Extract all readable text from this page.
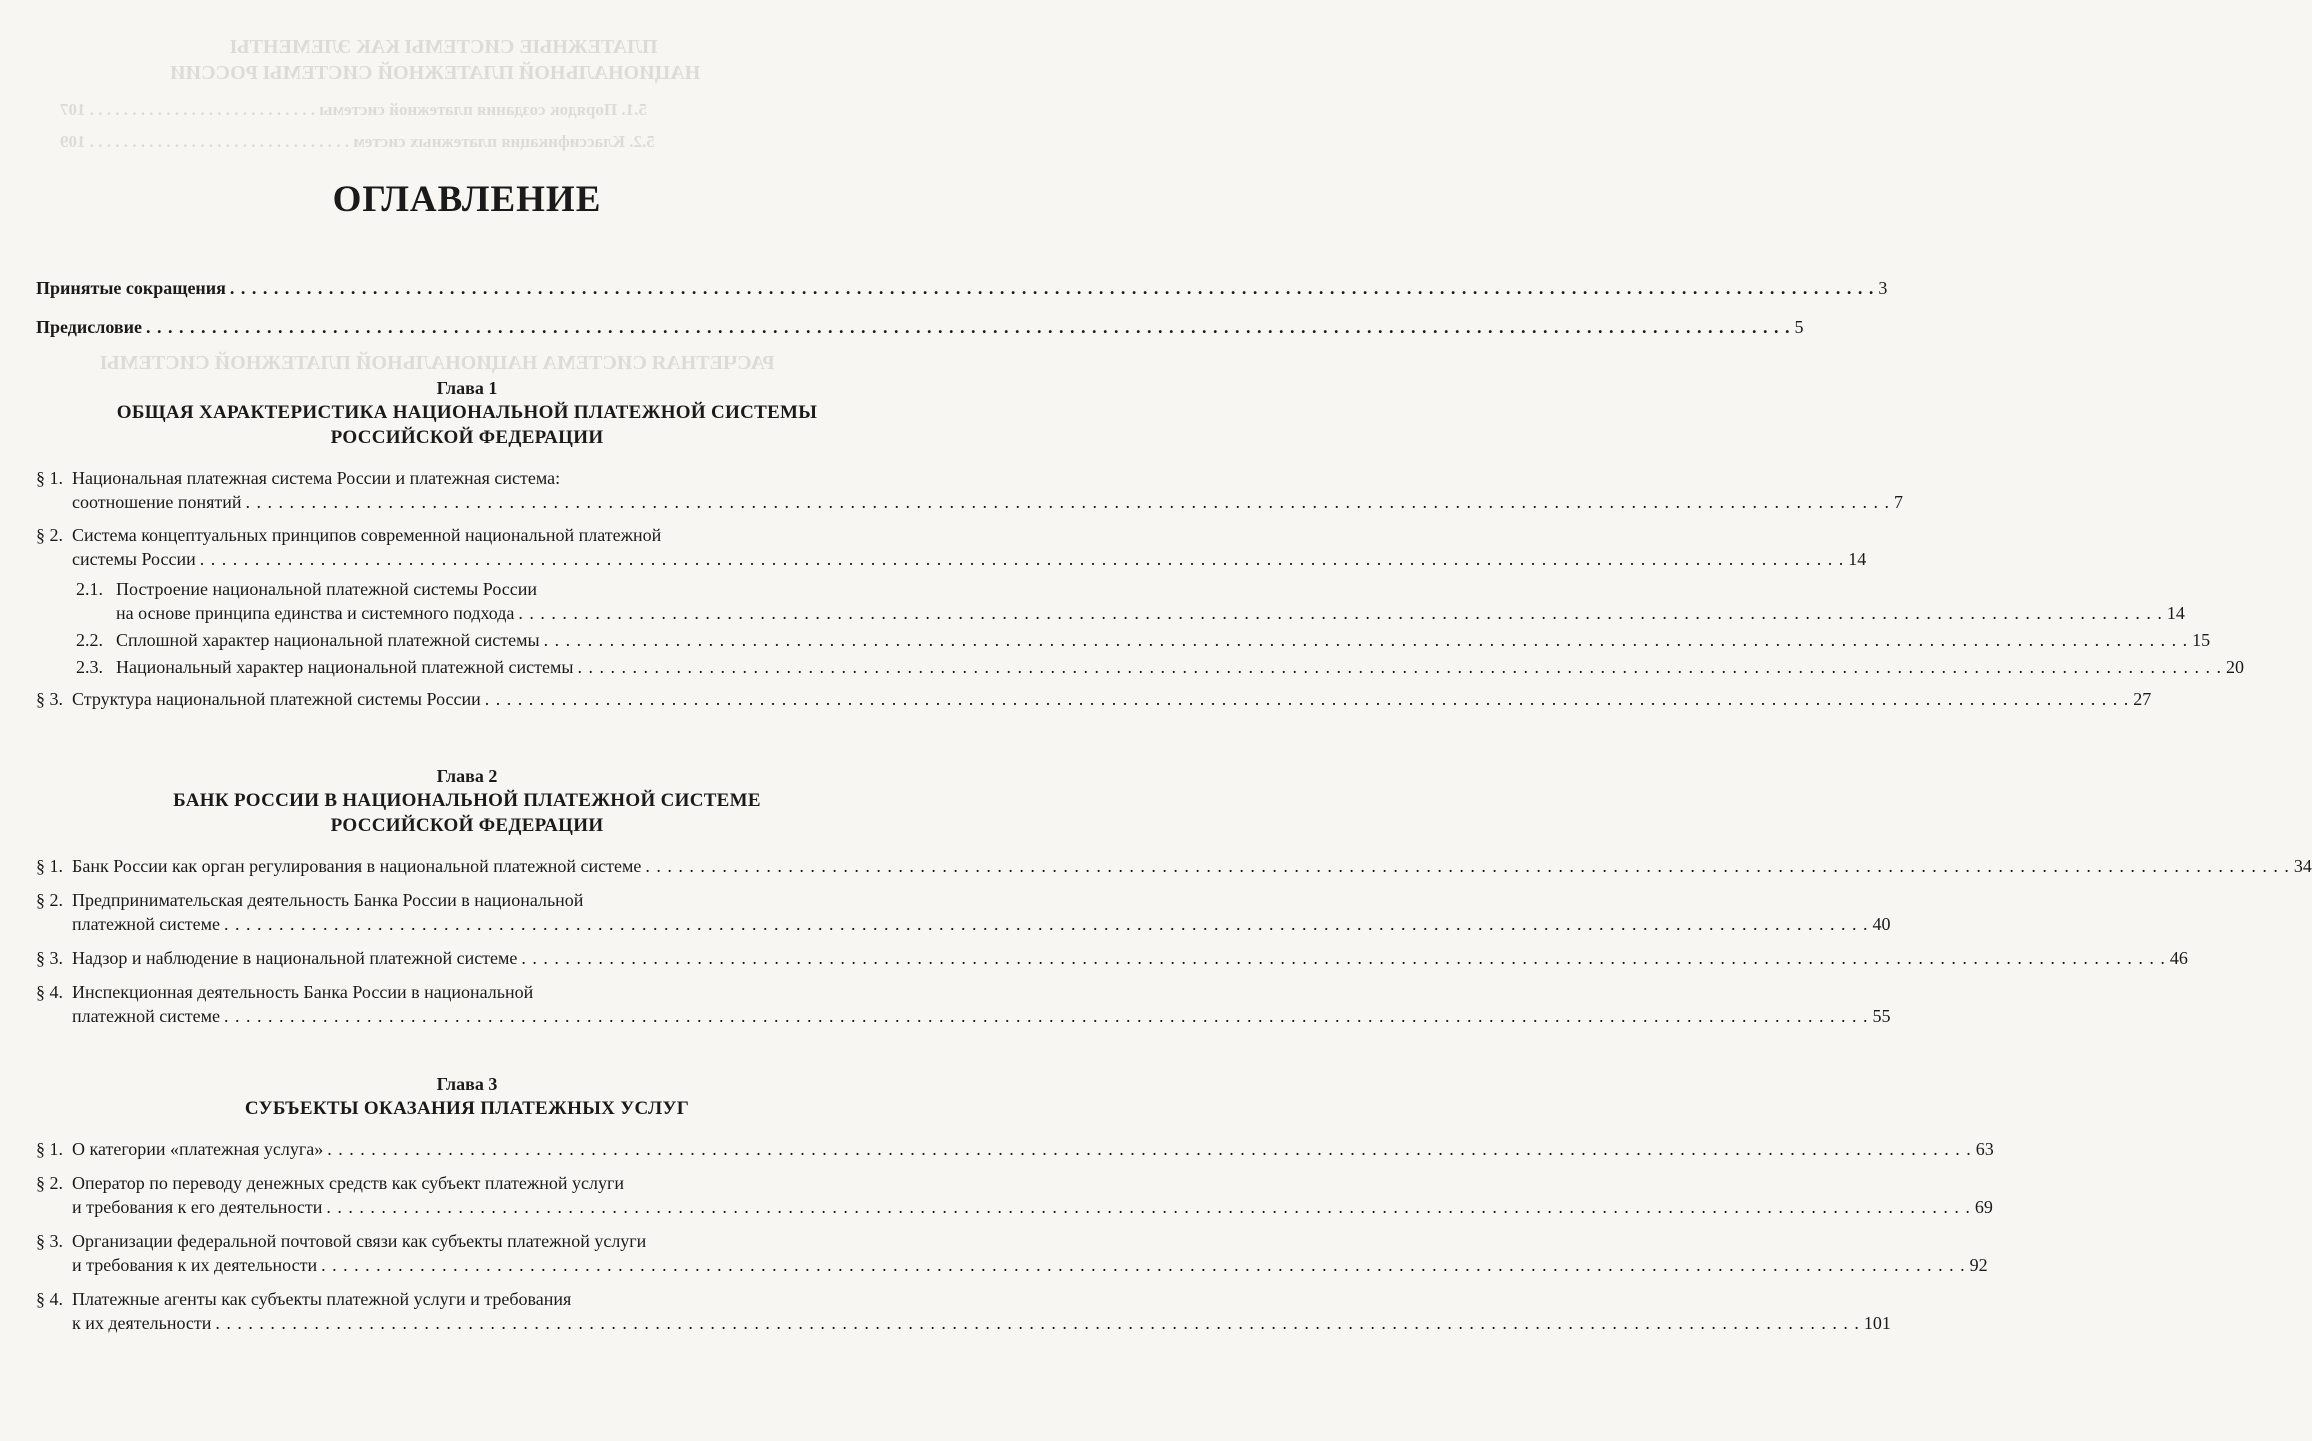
ПЛАТЕЖНЫЕ СИСТЕМЫ КАК ЭЛЕМЕНТЫ
НАЦИОНАЛЬНОЙ ПЛАТЕЖНОЙ СИСТЕМЫ РОССИИ
5.1. Порядок создания платежной системы . . . . . . . . . . . . . . . . . . . . . . . . . . . 107
5.2. Классификация платежных систем . . . . . . . . . . . . . . . . . . . . . . . . . . . . . . . 109
РАСЧЕТНАЯ СИСТЕМА НАЦИОНАЛЬНОЙ ПЛАТЕЖНОЙ СИСТЕМЫ
ОГЛАВЛЕНИЕ
Принятые сокращения . . .	3
Предисловие . . .	5
Глава 1
ОБЩАЯ ХАРАКТЕРИСТИКА НАЦИОНАЛЬНОЙ ПЛАТЕЖНОЙ СИСТЕМЫ
РОССИЙСКОЙ ФЕДЕРАЦИИ
§ 1. Национальная платежная система России и платежная система:
соотношение понятий . . .	7
§ 2. Система концептуальных принципов современной национальной платежной
системы России . . .	14
2.1. Построение национальной платежной системы России
на основе принципа единства и системного подхода . . .	14
2.2. Сплошной характер национальной платежной системы . . .	15
2.3. Национальный характер национальной платежной системы . . .	20
§ 3. Структура национальной платежной системы России . . .	27
Глава 2
БАНК РОССИИ В НАЦИОНАЛЬНОЙ ПЛАТЕЖНОЙ СИСТЕМЕ
РОССИЙСКОЙ ФЕДЕРАЦИИ
§ 1. Банк России как орган регулирования в национальной платежной системе . . .	34
§ 2. Предпринимательская деятельность Банка России в национальной
платежной системе . . .	40
§ 3. Надзор и наблюдение в национальной платежной системе . . .	46
§ 4. Инспекционная деятельность Банка России в национальной
платежной системе . . .	55
Глава 3
СУБЪЕКТЫ ОКАЗАНИЯ ПЛАТЕЖНЫХ УСЛУГ
§ 1. О категории «платежная услуга» . . .	63
§ 2. Оператор по переводу денежных средств как субъект платежной услуги
и требования к его деятельности . . .	69
§ 3. Организации федеральной почтовой связи как субъекты платежной услуги
и требования к их деятельности . . .	92
§ 4. Платежные агенты как субъекты платежной услуги и требования
к их деятельности . . .	101
